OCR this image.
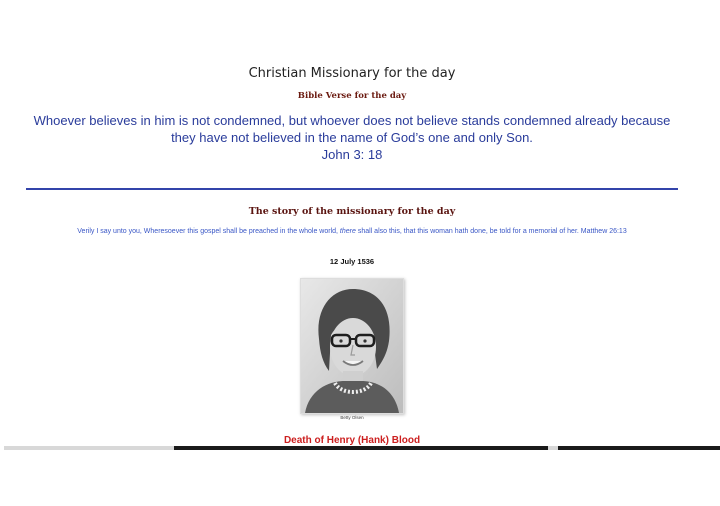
Christian Missionary for the day
Bible Verse for the day
Whoever believes in him is not condemned, but whoever does not believe stands condemned already because they have not believed in the name of God’s one and only Son.
John 3: 18
The story of the missionary for the day
Verily I say unto you, Wheresoever this gospel shall be preached in the whole world, there shall also this, that this woman hath done, be told for a memorial of her. Matthew 26:13
12 July 1536
Betty Olsen
Death of Henry (Hank) Blood
